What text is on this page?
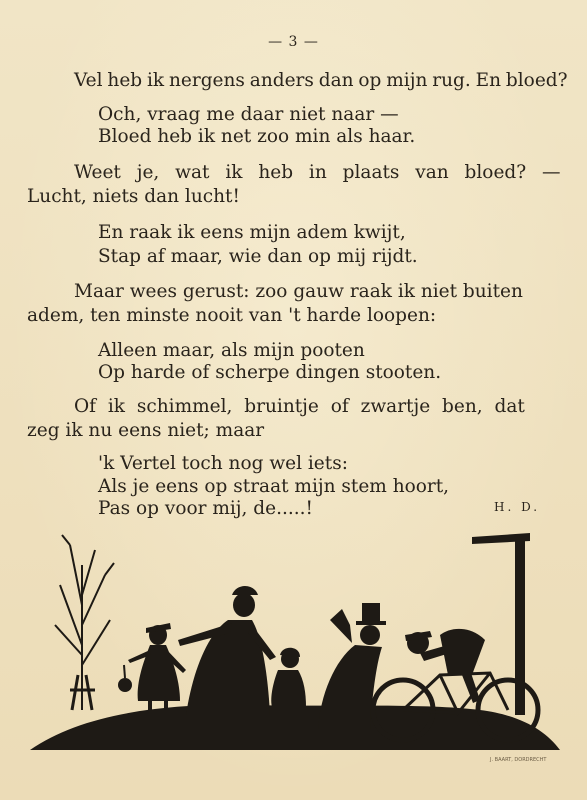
— 3 —
Vel heb ik nergens anders dan op mijn rug. En bloed?
Och, vraag me daar niet naar —
Bloed heb ik net zoo min als haar.
Weet je, wat ik heb in plaats van bloed? —
Lucht, niets dan lucht!
En raak ik eens mijn adem kwijt,
Stap af maar, wie dan op mij rijdt.
Maar wees gerust: zoo gauw raak ik niet buiten
adem, ten minste nooit van 't harde loopen:
Alleen maar, als mijn pooten
Op harde of scherpe dingen stooten.
Of ik schimmel, bruintje of zwartje ben, dat
zeg ik nu eens niet; maar
'k Vertel toch nog wel iets:
Als je eens op straat mijn stem hoort,
Pas op voor mij, de.....!	H. D.
J. BAART, DORDRECHT
